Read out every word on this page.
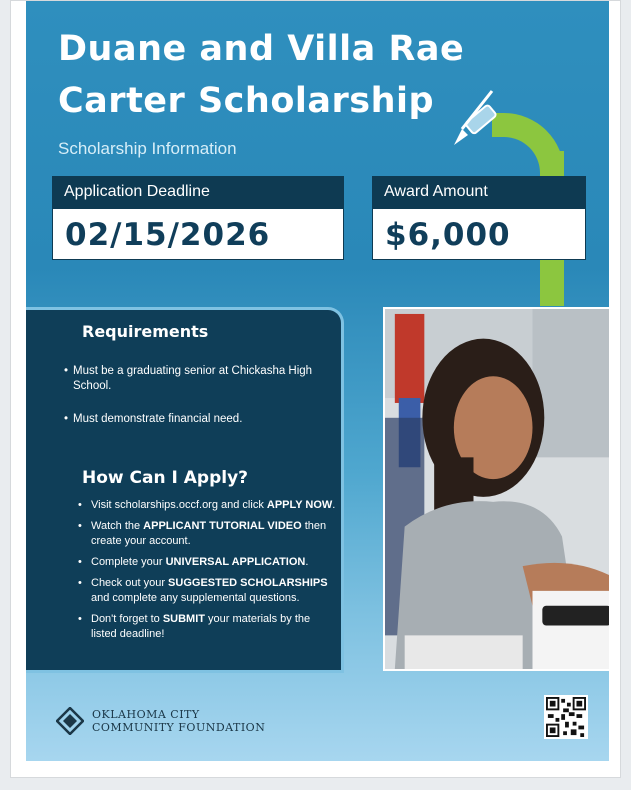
Duane and Villa Rae
Carter Scholarship
Scholarship Information
Application Deadline
02/15/2026
Award Amount
$6,000
Requirements
• Must be a graduating senior at Chickasha High School.
• Must demonstrate financial need.
How Can I Apply?
• Visit scholarships.occf.org and click APPLY NOW.
• Watch the APPLICANT TUTORIAL VIDEO then create your account.
• Complete your UNIVERSAL APPLICATION.
• Check out your SUGGESTED SCHOLARSHIPS and complete any supplemental questions.
• Don't forget to SUBMIT your materials by the listed deadline!
OKLAHOMA CITY
COMMUNITY FOUNDATION
